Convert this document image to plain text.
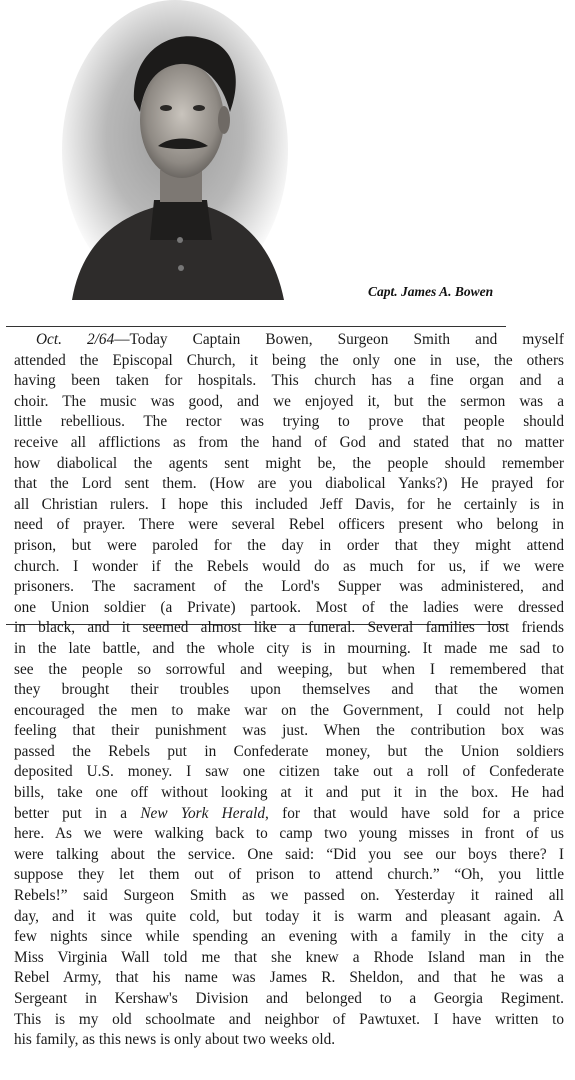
Capt. James A. Bowen
Oct. 2/64—Today Captain Bowen, Surgeon Smith and myself
attended the Episcopal Church, it being the only one in use, the others
having been taken for hospitals. This church has a fine organ and a
choir. The music was good, and we enjoyed it, but the sermon was a
little rebellious. The rector was trying to prove that people should
receive all afflictions as from the hand of God and stated that no matter
how diabolical the agents sent might be, the people should remember
that the Lord sent them. (How are you diabolical Yanks?) He prayed for
all Christian rulers. I hope this included Jeff Davis, for he certainly is in
need of prayer. There were several Rebel officers present who belong in
prison, but were paroled for the day in order that they might attend
church. I wonder if the Rebels would do as much for us, if we were
prisoners. The sacrament of the Lord's Supper was administered, and
one Union soldier (a Private) partook. Most of the ladies were dressed
in black, and it seemed almost like a funeral. Several families lost friends
in the late battle, and the whole city is in mourning. It made me sad to
see the people so sorrowful and weeping, but when I remembered that
they brought their troubles upon themselves and that the women
encouraged the men to make war on the Government, I could not help
feeling that their punishment was just. When the contribution box was
passed the Rebels put in Confederate money, but the Union soldiers
deposited U.S. money. I saw one citizen take out a roll of Confederate
bills, take one off without looking at it and put it in the box. He had
better put in a New York Herald, for that would have sold for a price
here. As we were walking back to camp two young misses in front of us
were talking about the service. One said: “Did you see our boys there? I
suppose they let them out of prison to attend church.” “Oh, you little
Rebels!” said Surgeon Smith as we passed on. Yesterday it rained all
day, and it was quite cold, but today it is warm and pleasant again. A
few nights since while spending an evening with a family in the city a
Miss Virginia Wall told me that she knew a Rhode Island man in the
Rebel Army, that his name was James R. Sheldon, and that he was a
Sergeant in Kershaw's Division and belonged to a Georgia Regiment.
This is my old schoolmate and neighbor of Pawtuxet. I have written to
his family, as this news is only about two weeks old.
